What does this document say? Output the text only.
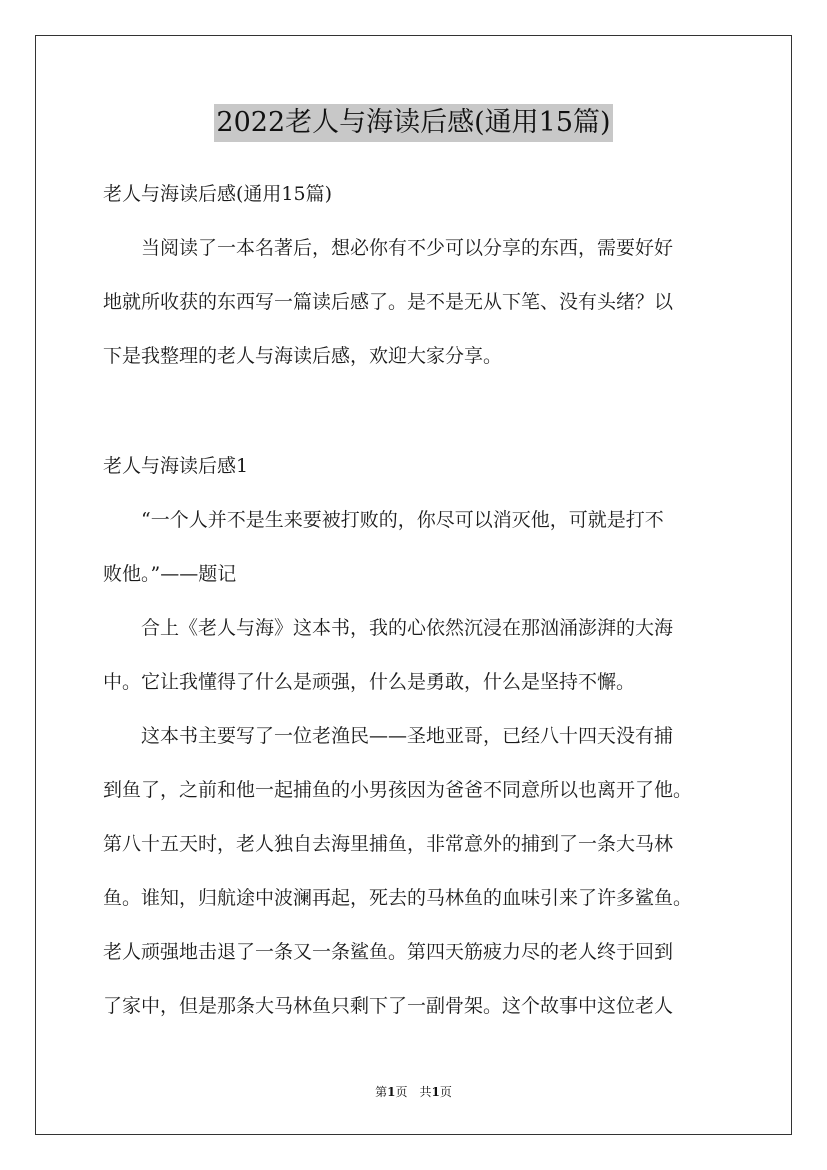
2022老人与海读后感(通用15篇)
老人与海读后感(通用15篇)
　　当阅读了一本名著后，想必你有不少可以分享的东西，需要好好
地就所收获的东西写一篇读后感了。是不是无从下笔、没有头绪？以
下是我整理的老人与海读后感，欢迎大家分享。
老人与海读后感1
　　“一个人并不是生来要被打败的，你尽可以消灭他，可就是打不
败他。”——题记
　　合上《老人与海》这本书，我的心依然沉浸在那汹涌澎湃的大海
中。它让我懂得了什么是顽强，什么是勇敢，什么是坚持不懈。
　　这本书主要写了一位老渔民——圣地亚哥，已经八十四天没有捕
到鱼了，之前和他一起捕鱼的小男孩因为爸爸不同意所以也离开了他。
第八十五天时，老人独自去海里捕鱼，非常意外的捕到了一条大马林
鱼。谁知，归航途中波澜再起，死去的马林鱼的血味引来了许多鲨鱼。
老人顽强地击退了一条又一条鲨鱼。第四天筋疲力尽的老人终于回到
了家中，但是那条大马林鱼只剩下了一副骨架。这个故事中这位老人
第1页　共1页
